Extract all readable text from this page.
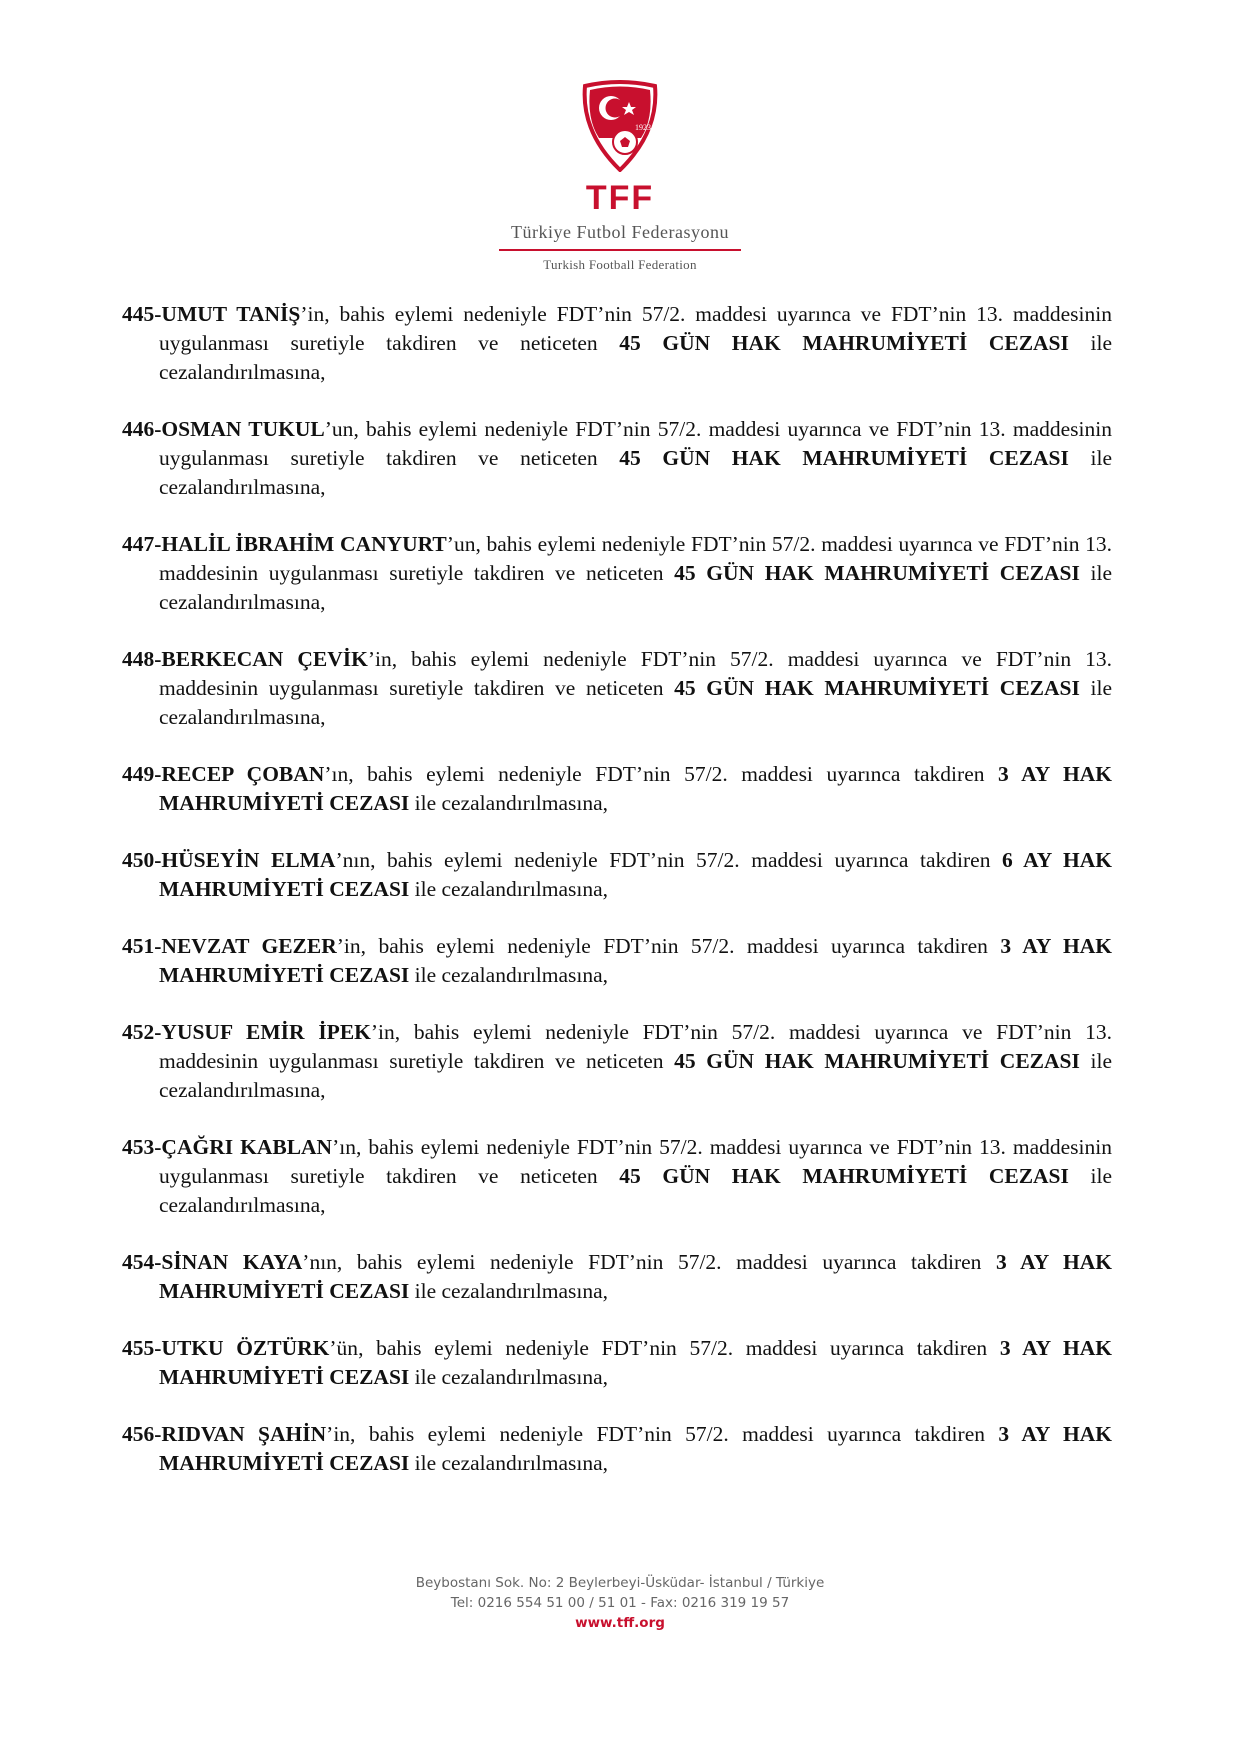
1923
TFF
Türkiye Futbol Federasyonu
Turkish Football Federation

445-UMUT TANİŞ’in, bahis eylemi nedeniyle FDT’nin 57/2. maddesi uyarınca ve FDT’nin 13. maddesinin uygulanması suretiyle takdiren ve neticeten 45 GÜN HAK MAHRUMİYETİ CEZASI ile cezalandırılmasına,

446-OSMAN TUKUL’un, bahis eylemi nedeniyle FDT’nin 57/2. maddesi uyarınca ve FDT’nin 13. maddesinin uygulanması suretiyle takdiren ve neticeten 45 GÜN HAK MAHRUMİYETİ CEZASI ile cezalandırılmasına,

447-HALİL İBRAHİM CANYURT’un, bahis eylemi nedeniyle FDT’nin 57/2. maddesi uyarınca ve FDT’nin 13. maddesinin uygulanması suretiyle takdiren ve neticeten 45 GÜN HAK MAHRUMİYETİ CEZASI ile cezalandırılmasına,

448-BERKECAN ÇEVİK’in, bahis eylemi nedeniyle FDT’nin 57/2. maddesi uyarınca ve FDT’nin 13. maddesinin uygulanması suretiyle takdiren ve neticeten 45 GÜN HAK MAHRUMİYETİ CEZASI ile cezalandırılmasına,

449-RECEP ÇOBAN’ın, bahis eylemi nedeniyle FDT’nin 57/2. maddesi uyarınca takdiren 3 AY HAK MAHRUMİYETİ CEZASI ile cezalandırılmasına,

450-HÜSEYİN ELMA’nın, bahis eylemi nedeniyle FDT’nin 57/2. maddesi uyarınca takdiren 6 AY HAK MAHRUMİYETİ CEZASI ile cezalandırılmasına,

451-NEVZAT GEZER’in, bahis eylemi nedeniyle FDT’nin 57/2. maddesi uyarınca takdiren 3 AY HAK MAHRUMİYETİ CEZASI ile cezalandırılmasına,

452-YUSUF EMİR İPEK’in, bahis eylemi nedeniyle FDT’nin 57/2. maddesi uyarınca ve FDT’nin 13. maddesinin uygulanması suretiyle takdiren ve neticeten 45 GÜN HAK MAHRUMİYETİ CEZASI ile cezalandırılmasına,

453-ÇAĞRI KABLAN’ın, bahis eylemi nedeniyle FDT’nin 57/2. maddesi uyarınca ve FDT’nin 13. maddesinin uygulanması suretiyle takdiren ve neticeten 45 GÜN HAK MAHRUMİYETİ CEZASI ile cezalandırılmasına,

454-SİNAN KAYA’nın, bahis eylemi nedeniyle FDT’nin 57/2. maddesi uyarınca takdiren 3 AY HAK MAHRUMİYETİ CEZASI ile cezalandırılmasına,

455-UTKU ÖZTÜRK’ün, bahis eylemi nedeniyle FDT’nin 57/2. maddesi uyarınca takdiren 3 AY HAK MAHRUMİYETİ CEZASI ile cezalandırılmasına,

456-RIDVAN ŞAHİN’in, bahis eylemi nedeniyle FDT’nin 57/2. maddesi uyarınca takdiren 3 AY HAK MAHRUMİYETİ CEZASI ile cezalandırılmasına,

Beybostanı Sok. No: 2 Beylerbeyi-Üsküdar- İstanbul / Türkiye
Tel: 0216 554 51 00 / 51 01 - Fax: 0216 319 19 57
www.tff.org
